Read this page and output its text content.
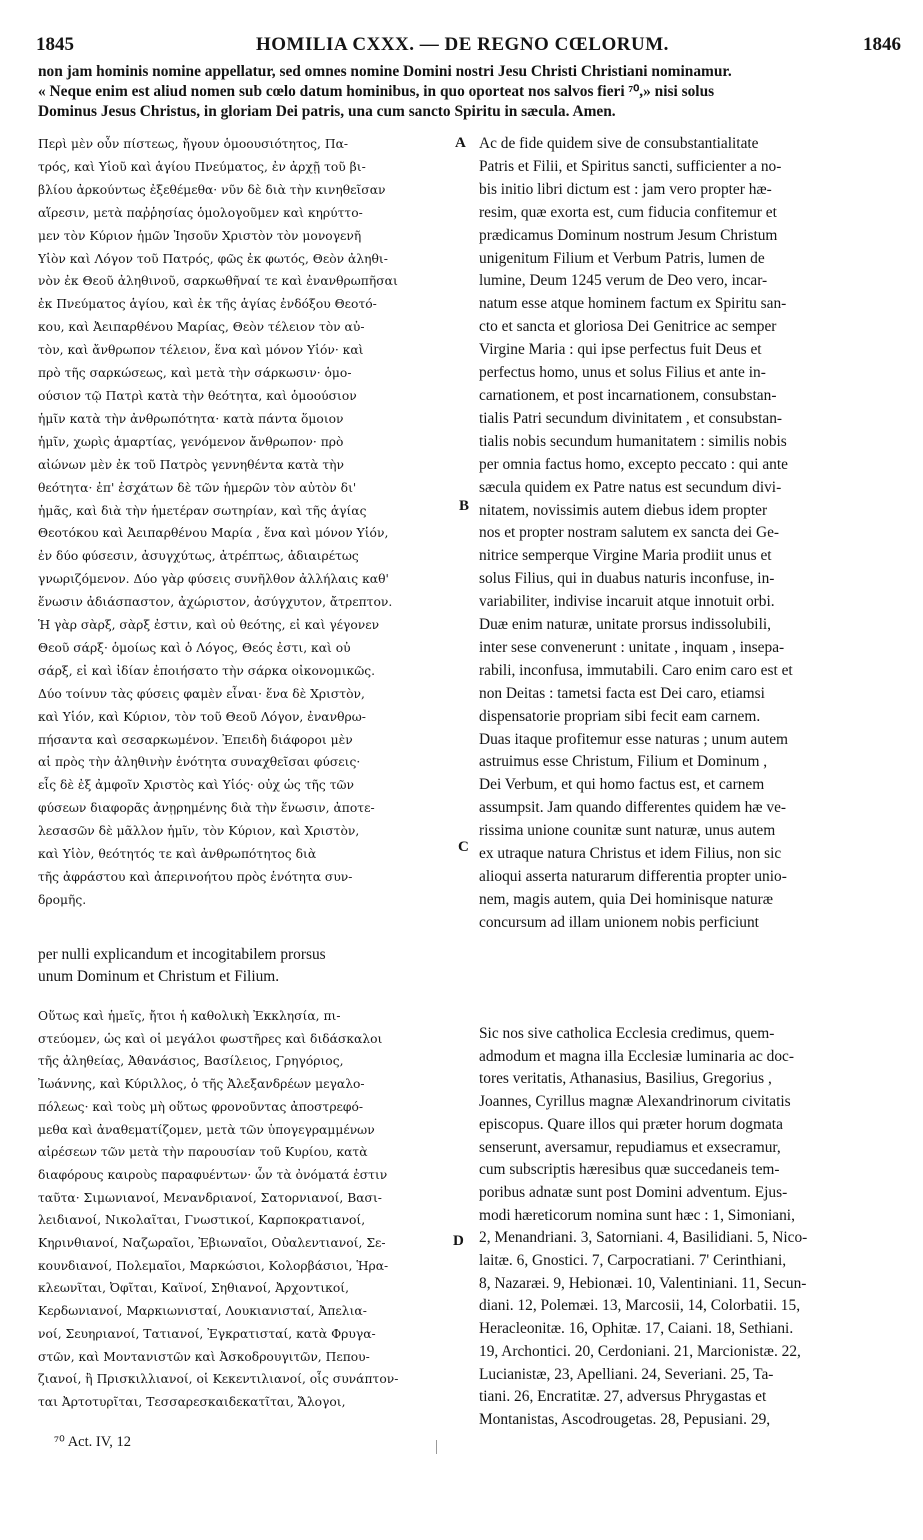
1845	HOMILIA CXXX. — DE REGNO CŒLORUM.	1846
non jam hominis nomine appellatur, sed omnes nomine Domini nostri Jesu Christi Christiani nominamur.
« Neque enim est aliud nomen sub cœlo datum hominibus, in quo oporteat nos salvos fieri ⁷⁰,» nisi solus
Dominus Jesus Christus, in gloriam Dei patris, una cum sancto Spiritu in sæcula. Amen.
Περὶ μὲν οὖν πίστεως, ἤγουν ὁμοουσιότητος, Πα-
τρός, καὶ Υἱοῦ καὶ ἁγίου Πνεύματος, ἐν ἀρχῇ τοῦ βι-
βλίου ἀρκούντως ἐξεθέμεθα· νῦν δὲ διὰ τὴν κινηθεῖσαν
αἵρεσιν, μετὰ παῤῥησίας ὁμολογοῦμεν καὶ κηρύττο-
μεν τὸν Κύριον ἡμῶν Ἰησοῦν Χριστὸν τὸν μονογενῆ
Υἱὸν καὶ Λόγον τοῦ Πατρός, φῶς ἐκ φωτός, Θεὸν ἀληθι-
νὸν ἐκ Θεοῦ ἀληθινοῦ, σαρκωθῆναί τε καὶ ἐνανθρωπῆσαι
ἐκ Πνεύματος ἁγίου, καὶ ἐκ τῆς ἁγίας ἐνδόξου Θεοτό-
κου, καὶ Ἀειπαρθένου Μαρίας, Θεὸν τέλειον τὸν αὐ-
τὸν, καὶ ἄνθρωπον τέλειον, ἕνα καὶ μόνον Υἱόν· καὶ
πρὸ τῆς σαρκώσεως, καὶ μετὰ τὴν σάρκωσιν· ὁμο-
ούσιον τῷ Πατρὶ κατὰ τὴν θεότητα, καὶ ὁμοούσιον
ἡμῖν κατὰ τὴν ἀνθρωπότητα· κατὰ πάντα ὅμοιον
ἡμῖν, χωρὶς ἁμαρτίας, γενόμενον ἄνθρωπον· πρὸ
αἰώνων μὲν ἐκ τοῦ Πατρὸς γεννηθέντα κατὰ τὴν
θεότητα· ἐπ' ἐσχάτων δὲ τῶν ἡμερῶν τὸν αὐτὸν δι'
ἡμᾶς, καὶ διὰ τὴν ἡμετέραν σωτηρίαν, καὶ τῆς ἁγίας
Θεοτόκου καὶ Ἀειπαρθένου Μαρία , ἕνα καὶ μόνον Υἱόν,
ἐν δύο φύσεσιν, ἀσυγχύτως, ἀτρέπτως, ἀδιαιρέτως
γνωριζόμενον. Δύο γὰρ φύσεις συνῆλθον ἀλλήλαις καθ'
ἕνωσιν ἀδιάσπαστον, ἀχώριστον, ἀσύγχυτον, ἄτρεπτον.
Ἡ γὰρ σὰρξ, σὰρξ ἐστιν, καὶ οὐ θεότης, εἰ καὶ γέγονεν
Θεοῦ σάρξ· ὁμοίως καὶ ὁ Λόγος, Θεός ἐστι, καὶ οὐ
σάρξ, εἰ καὶ ἰδίαν ἐποιήσατο τὴν σάρκα οἰκονομικῶς.
Δύο τοίνυν τὰς φύσεις φαμὲν εἶναι· ἕνα δὲ Χριστὸν,
καὶ Υἱόν, καὶ Κύριον, τὸν τοῦ Θεοῦ Λόγον, ἐνανθρω-
πήσαντα καὶ σεσαρκωμένον. Ἐπειδὴ διάφοροι μὲν
αἱ πρὸς τὴν ἀληθινὴν ἑνότητα συναχθεῖσαι φύσεις·
εἷς δὲ ἐξ ἀμφοῖν Χριστὸς καὶ Υἱός· οὐχ ὡς τῆς τῶν
φύσεων διαφορᾶς ἀνῃρημένης διὰ τὴν ἕνωσιν, ἀποτε-
λεσασῶν δὲ μᾶλλον ἡμῖν, τὸν Κύριον, καὶ Χριστὸν,
καὶ Υἱὸν, θεότητός τε καὶ ἀνθρωπότητος διὰ
τῆς ἀφράστου καὶ ἀπερινοήτου πρὸς ἑνότητα συν-
δρομῆς.
Ac de fide quidem sive de consubstantialitate
Patris et Filii, et Spiritus sancti, sufficienter a no-
bis initio libri dictum est : jam vero propter hæ-
resim, quæ exorta est, cum fiducia confitemur et
prædicamus Dominum nostrum Jesum Christum
unigenitum Filium et Verbum Patris, lumen de
lumine, Deum 1245 verum de Deo vero, incar-
natum esse atque hominem factum ex Spiritu san-
cto et sancta et gloriosa Dei Genitrice ac semper
Virgine Maria : qui ipse perfectus fuit Deus et
perfectus homo, unus et solus Filius et ante in-
carnationem, et post incarnationem, consubstan-
tialis Patri secundum divinitatem , et consubstan-
tialis nobis secundum humanitatem : similis nobis
per omnia factus homo, excepto peccato : qui ante
sæcula quidem ex Patre natus est secundum divi-
nitatem, novissimis autem diebus idem propter
nos et propter nostram salutem ex sancta dei Ge-
nitrice semperque Virgine Maria prodiit unus et
solus Filius, qui in duabus naturis inconfuse, in-
variabiliter, indivise incaruit atque innotuit orbi.
Duæ enim naturæ, unitate prorsus indissolubili,
inter sese convenerunt : unitate , inquam , insepa-
rabili, inconfusa, immutabili. Caro enim caro est et
non Deitas : tametsi facta est Dei caro, etiamsi
dispensatorie propriam sibi fecit eam carnem.
Duas itaque profitemur esse naturas ; unum autem
astruimus esse Christum, Filium et Dominum ,
Dei Verbum, et qui homo factus est, et carnem
assumpsit. Jam quando differentes quidem hæ ve-
rissima unione counitæ sunt naturæ, unus autem
ex utraque natura Christus et idem Filius, non sic
alioqui asserta naturarum differentia propter unio-
nem, magis autem, quia Dei hominisque naturæ
concursum ad illam unionem nobis perficiunt
per nulli explicandum et incogitabilem prorsus
unum Dominum et Christum et Filium.
Οὕτως καὶ ἡμεῖς, ἤτοι ἡ καθολικὴ Ἐκκλησία, πι-
στεύομεν, ὡς καὶ οἱ μεγάλοι φωστῆρες καὶ διδάσκαλοι
τῆς ἀληθείας, Ἀθανάσιος, Βασίλειος, Γρηγόριος,
Ἰωάννης, καὶ Κύριλλος, ὁ τῆς Ἀλεξανδρέων μεγαλο-
πόλεως· καὶ τοὺς μὴ οὕτως φρονοῦντας ἀποστρεφό-
μεθα καὶ ἀναθεματίζομεν, μετὰ τῶν ὑπογεγραμμένων
αἱρέσεων τῶν μετὰ τὴν παρουσίαν τοῦ Κυρίου, κατὰ
διαφόρους καιροὺς παραφυέντων· ὧν τὰ ὀνόματά ἐστιν
ταῦτα· Σιμωνιανοί, Μενανδριανοί, Σατορνιανοί, Βασι-
λειδιανοί, Νικολαῖται, Γνωστικοί, Καρποκρατιανοί,
Κηρινθιανοί, Ναζωραῖοι, Ἐβιωναῖοι, Οὐαλεντιανοί, Σε-
κουνδιανοί, Πολεμαῖοι, Μαρκώσιοι, Κολορβάσιοι, Ἡρα-
κλεωνῖται, Ὀφῖται, Καϊνοί, Σηθιανοί, Ἀρχοντικοί,
Κερδωνιανοί, Μαρκιωνισταί, Λουκιανισταί, Ἀπελια-
νοί, Σευηριανοί, Τατιανοί, Ἐγκρατισταί, κατὰ Φρυγα-
στῶν, καὶ Μοντανιστῶν καὶ Ἀσκοδρουγιτῶν, Πεπου-
ζιανοί, ἢ Πρισκιλλιανοί, οἱ Κεκεντιλιανοί, οἷς συνάπτον-
ται Ἀρτοτυρῖται, Τεσσαρεσκαιδεκατῖται, Ἄλογοι,
Sic nos sive catholica Ecclesia credimus, quem-
admodum et magna illa Ecclesiæ luminaria ac doc-
tores veritatis, Athanasius, Basilius, Gregorius ,
Joannes, Cyrillus magnæ Alexandrinorum civitatis
episcopus. Quare illos qui præter horum dogmata
senserunt, aversamur, repudiamus et exsecramur,
cum subscriptis hæresibus quæ succedaneis tem-
poribus adnatæ sunt post Domini adventum. Ejus-
modi hæreticorum nomina sunt hæc : 1, Simoniani,
2, Menandriani. 3, Satorniani. 4, Basilidiani. 5, Nico-
laitæ. 6, Gnostici. 7, Carpocratiani. 7' Cerinthiani,
8, Nazaræi. 9, Hebionæi. 10, Valentiniani. 11, Secun-
diani. 12, Polemæi. 13, Marcosii, 14, Colorbatii. 15,
Heracleonitæ. 16, Ophitæ. 17, Caiani. 18, Sethiani.
19, Archontici. 20, Cerdoniani. 21, Marcionistæ. 22,
Lucianistæ, 23, Apelliani. 24, Severiani. 25, Ta-
tiani. 26, Encratitæ. 27, adversus Phrygastas et
Montanistas, Ascodrougetas. 28, Pepusiani. 29,
A
B
C
D
⁷⁰ Act. IV, 12
